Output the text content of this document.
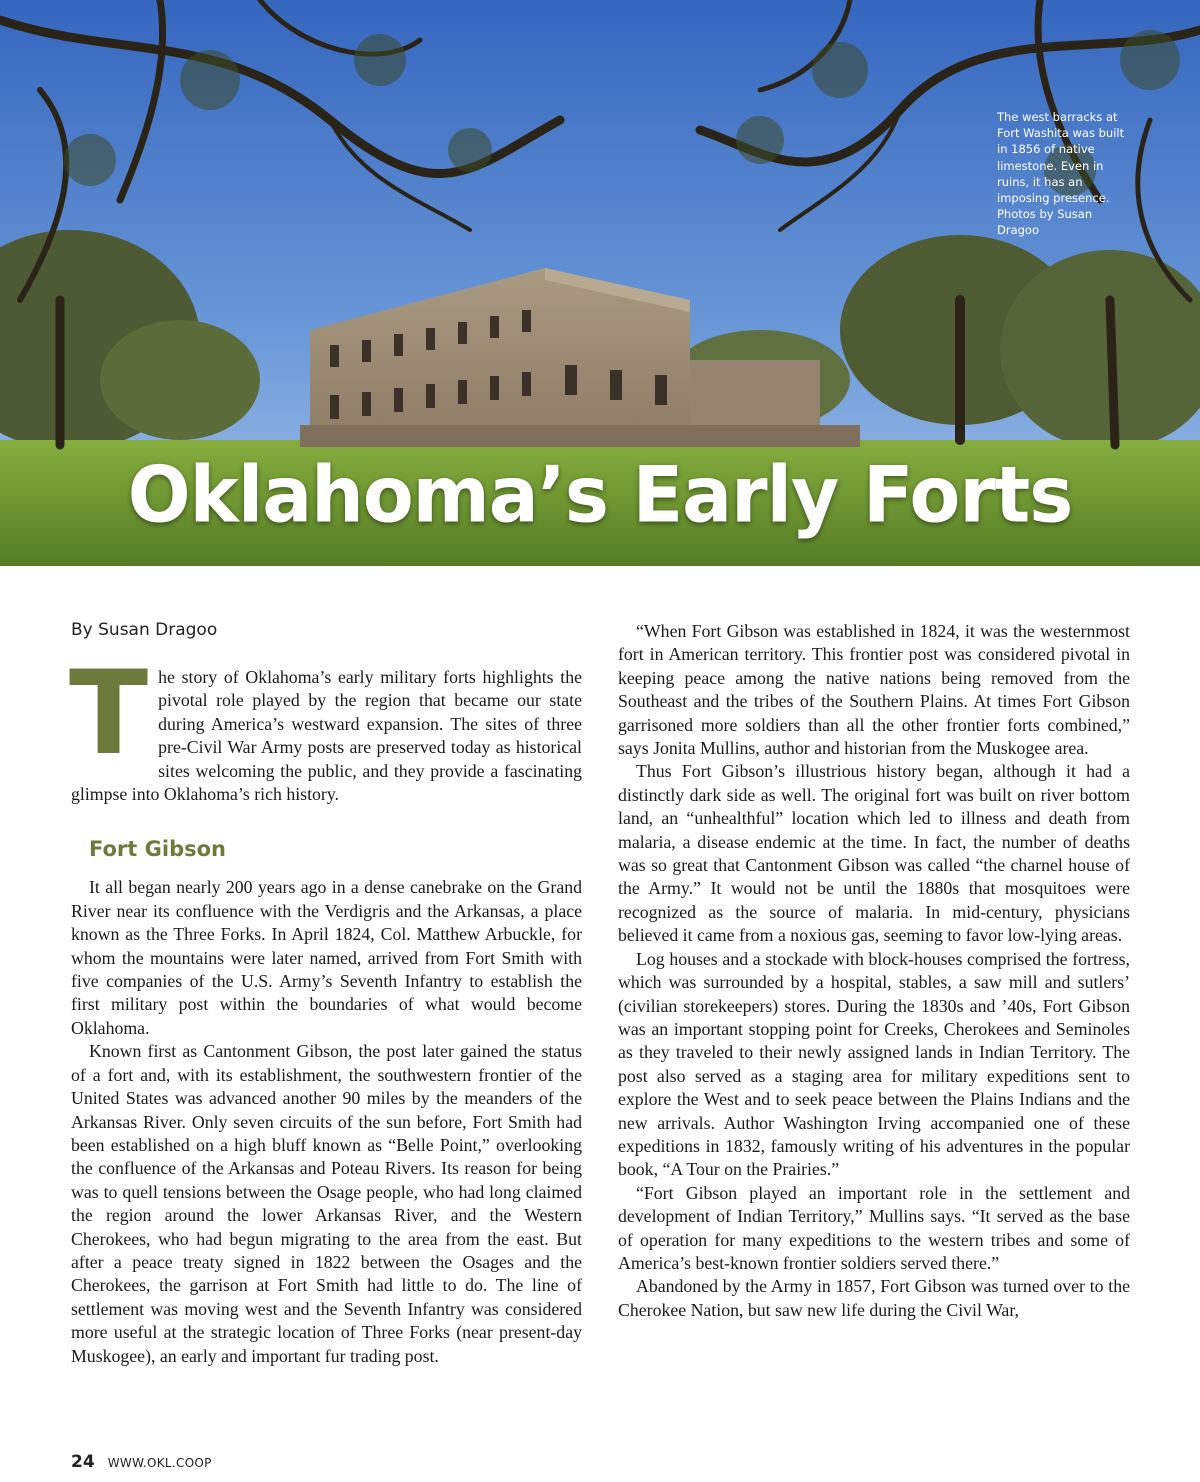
The west barracks at Fort Washita was built in 1856 of native limestone. Even in ruins, it has an imposing presence. Photos by Susan Dragoo
Oklahoma’s Early Forts
By Susan Dragoo

The story of Oklahoma’s early military forts highlights the pivotal role played by the region that became our state during America’s westward expansion. The sites of three pre-Civil War Army posts are preserved today as historical sites welcoming the public, and they provide a fascinating glimpse into Oklahoma’s rich history.

Fort Gibson

It all began nearly 200 years ago in a dense canebrake on the Grand River near its confluence with the Verdigris and the Arkansas, a place known as the Three Forks. In April 1824, Col. Matthew Arbuckle, for whom the mountains were later named, arrived from Fort Smith with five companies of the U.S. Army’s Seventh Infantry to establish the first military post within the boundaries of what would become Oklahoma.

Known first as Cantonment Gibson, the post later gained the status of a fort and, with its establishment, the southwestern frontier of the United States was advanced another 90 miles by the meanders of the Arkansas River. Only seven circuits of the sun before, Fort Smith had been established on a high bluff known as “Belle Point,” overlooking the confluence of the Arkansas and Poteau Rivers. Its reason for being was to quell tensions between the Osage people, who had long claimed the region around the lower Arkansas River, and the Western Cherokees, who had begun migrating to the area from the east. But after a peace treaty signed in 1822 between the Osages and the Cherokees, the garrison at Fort Smith had little to do. The line of settlement was moving west and the Seventh Infantry was considered more useful at the strategic location of Three Forks (near present-day Muskogee), an early and important fur trading post.

“When Fort Gibson was established in 1824, it was the westernmost fort in American territory. This frontier post was considered pivotal in keeping peace among the native nations being removed from the Southeast and the tribes of the Southern Plains. At times Fort Gibson garrisoned more soldiers than all the other frontier forts combined,” says Jonita Mullins, author and historian from the Muskogee area.

Thus Fort Gibson’s illustrious history began, although it had a distinctly dark side as well. The original fort was built on river bottom land, an “unhealthful” location which led to illness and death from malaria, a disease endemic at the time. In fact, the number of deaths was so great that Cantonment Gibson was called “the charnel house of the Army.” It would not be until the 1880s that mosquitoes were recognized as the source of malaria. In mid-century, physicians believed it came from a noxious gas, seeming to favor low-lying areas.

Log houses and a stockade with block-houses comprised the fortress, which was surrounded by a hospital, stables, a saw mill and sutlers’ (civilian storekeepers) stores. During the 1830s and ’40s, Fort Gibson was an important stopping point for Creeks, Cherokees and Seminoles as they traveled to their newly assigned lands in Indian Territory. The post also served as a staging area for military expeditions sent to explore the West and to seek peace between the Plains Indians and the new arrivals. Author Washington Irving accompanied one of these expeditions in 1832, famously writing of his adventures in the popular book, “A Tour on the Prairies.”

“Fort Gibson played an important role in the settlement and development of Indian Territory,” Mullins says. “It served as the base of operation for many expeditions to the western tribes and some of America’s best-known frontier soldiers served there.”

Abandoned by the Army in 1857, Fort Gibson was turned over to the Cherokee Nation, but saw new life during the Civil War,

24 WWW.OKL.COOP
